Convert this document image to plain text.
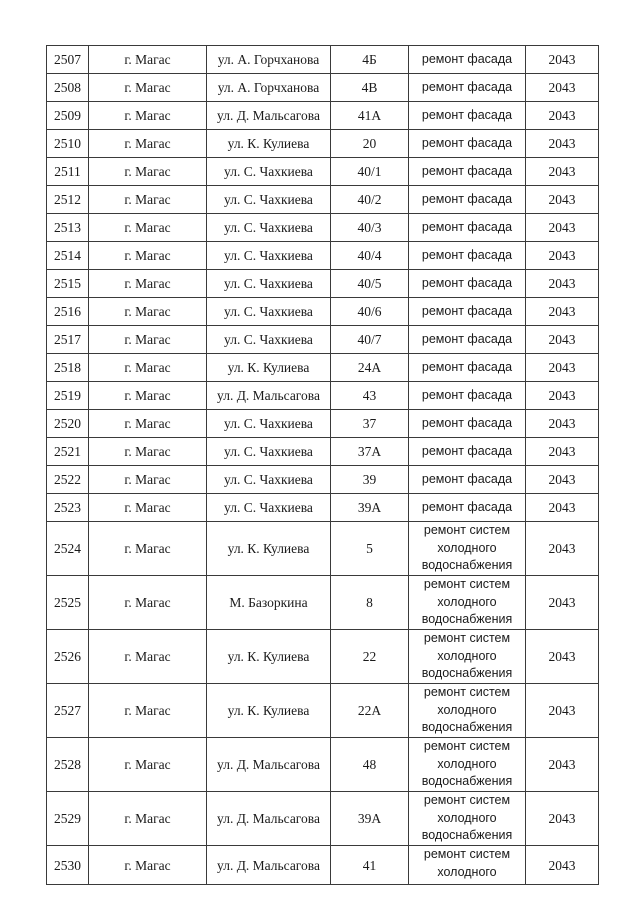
2507	г. Магас	ул. А. Горчханова	4Б	ремонт фасада	2043
2508	г. Магас	ул. А. Горчханова	4В	ремонт фасада	2043
2509	г. Магас	ул. Д. Мальсагова	41А	ремонт фасада	2043
2510	г. Магас	ул. К. Кулиева	20	ремонт фасада	2043
2511	г. Магас	ул. С. Чахкиева	40/1	ремонт фасада	2043
2512	г. Магас	ул. С. Чахкиева	40/2	ремонт фасада	2043
2513	г. Магас	ул. С. Чахкиева	40/3	ремонт фасада	2043
2514	г. Магас	ул. С. Чахкиева	40/4	ремонт фасада	2043
2515	г. Магас	ул. С. Чахкиева	40/5	ремонт фасада	2043
2516	г. Магас	ул. С. Чахкиева	40/6	ремонт фасада	2043
2517	г. Магас	ул. С. Чахкиева	40/7	ремонт фасада	2043
2518	г. Магас	ул. К. Кулиева	24А	ремонт фасада	2043
2519	г. Магас	ул. Д. Мальсагова	43	ремонт фасада	2043
2520	г. Магас	ул. С. Чахкиева	37	ремонт фасада	2043
2521	г. Магас	ул. С. Чахкиева	37А	ремонт фасада	2043
2522	г. Магас	ул. С. Чахкиева	39	ремонт фасада	2043
2523	г. Магас	ул. С. Чахкиева	39А	ремонт фасада	2043
2524	г. Магас	ул. К. Кулиева	5	ремонт систем холодного водоснабжения	2043
2525	г. Магас	М. Базоркина	8	ремонт систем холодного водоснабжения	2043
2526	г. Магас	ул. К. Кулиева	22	ремонт систем холодного водоснабжения	2043
2527	г. Магас	ул. К. Кулиева	22А	ремонт систем холодного водоснабжения	2043
2528	г. Магас	ул. Д. Мальсагова	48	ремонт систем холодного водоснабжения	2043
2529	г. Магас	ул. Д. Мальсагова	39А	ремонт систем холодного водоснабжения	2043
2530	г. Магас	ул. Д. Мальсагова	41	ремонт систем холодного	2043
